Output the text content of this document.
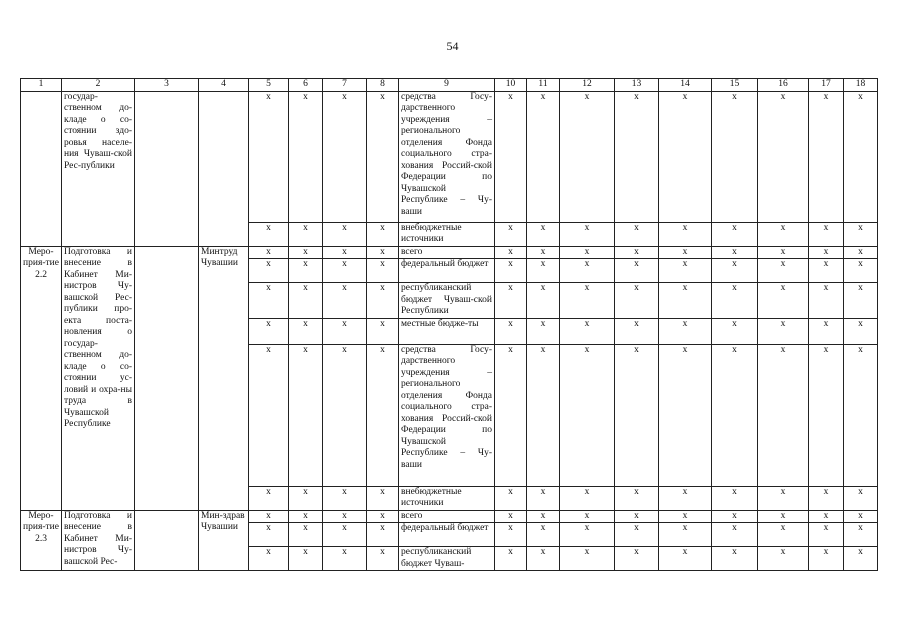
54
1	2	3	4	5	6	7	8	9	10	11	12	13	14	15	16	17	18
	государ-ственном до-кладе о со-стоянии здо-ровья населе-ния Чуваш-ской Рес-публики			x	x	x	x	средства Госу-дарственного учреждения – регионального отделения Фонда социального стра-хования Россий-ской Федерации по Чувашской Республике – Чу-ваши	x	x	x	x	x	x	x	x	x
				x	x	x	x	внебюджетные источники	x	x	x	x	x	x	x	x	x
Меро-прия-тие 2.2	Подготовка и внесение в Кабинет Ми-нистров Чу-вашской Рес-публики про-екта поста-новления о государ-ственном до-кладе о со-стоянии ус-ловий и охра-ны труда в Чувашской Республике		Минтруд Чувашии	x	x	x	x	всего	x	x	x	x	x	x	x	x	x
				x	x	x	x	федеральный бюджет	x	x	x	x	x	x	x	x	x
				x	x	x	x	республиканский бюджет Чуваш-ской Республики	x	x	x	x	x	x	x	x	x
				x	x	x	x	местные бюдже-ты	x	x	x	x	x	x	x	x	x
				x	x	x	x	средства Госу-дарственного учреждения – регионального отделения Фонда социального стра-хования Россий-ской Федерации по Чувашской Республике – Чу-ваши	x	x	x	x	x	x	x	x	x
				x	x	x	x	внебюджетные источники	x	x	x	x	x	x	x	x	x
Меро-прия-тие 2.3	Подготовка и внесение в Кабинет Ми-нистров Чу-вашской Рес-		Мин-здрав Чувашии	x	x	x	x	всего	x	x	x	x	x	x	x	x	x
				x	x	x	x	федеральный бюджет	x	x	x	x	x	x	x	x	x
				x	x	x	x	республиканский бюджет Чуваш-	x	x	x	x	x	x	x	x	x
